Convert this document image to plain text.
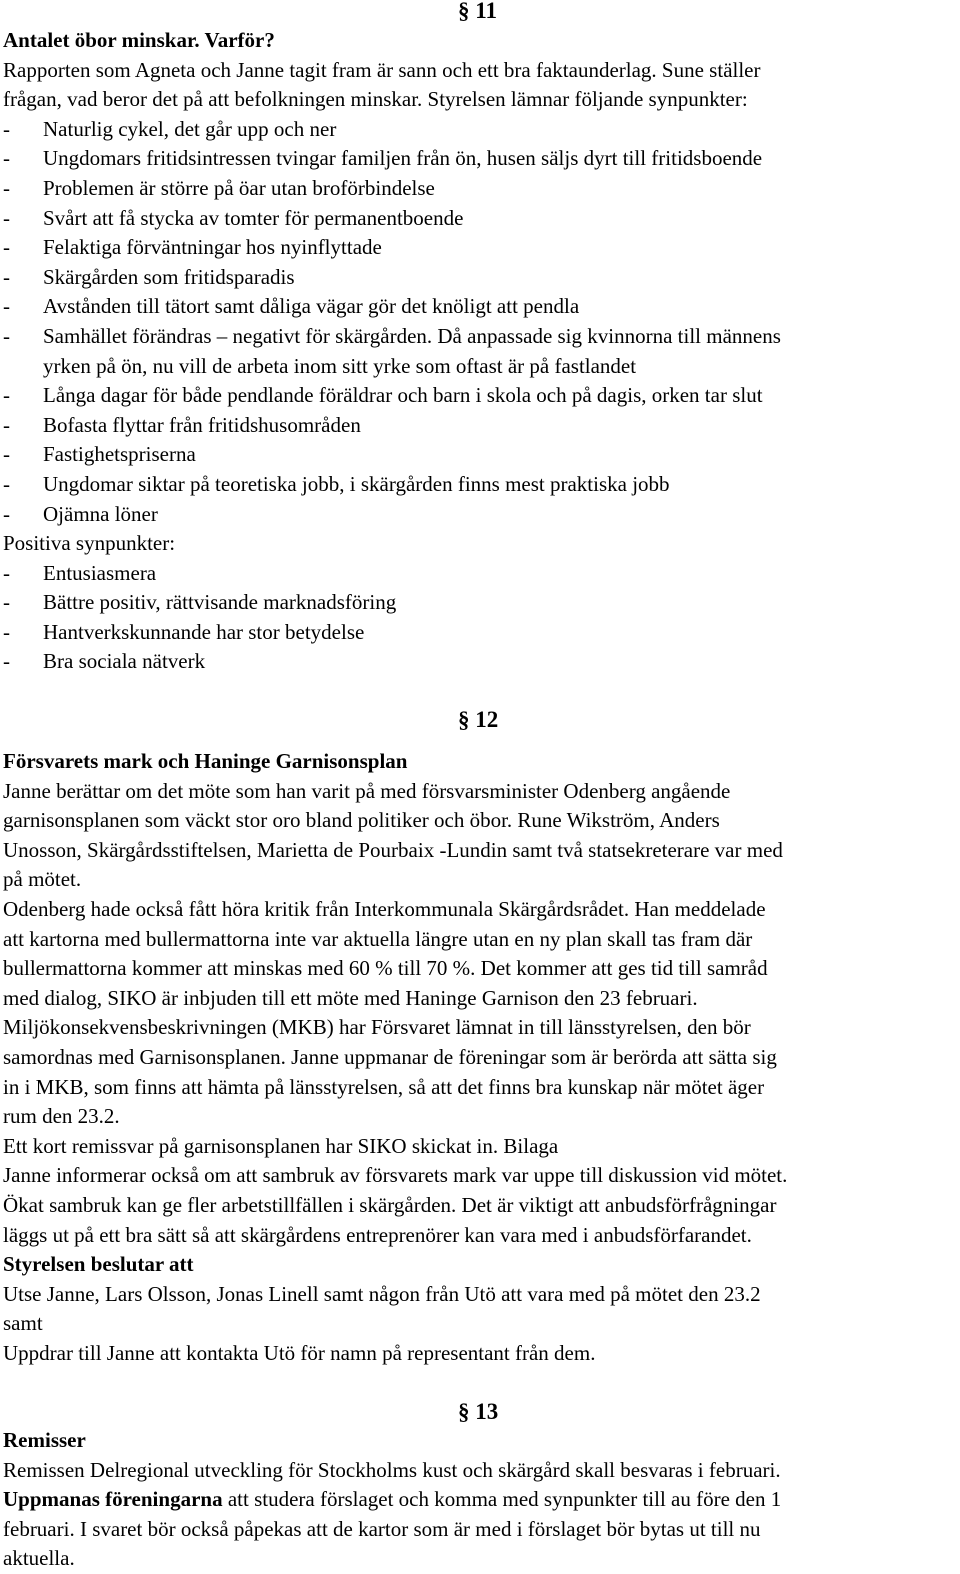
§ 11

Antalet öbor minskar. Varför?

Rapporten som Agneta och Janne tagit fram är sann och ett bra faktaunderlag. Sune ställer

frågan, vad beror det på att befolkningen minskar. Styrelsen lämnar följande synpunkter:

-	Naturlig cykel, det går upp och ner
-	Ungdomars fritidsintressen tvingar familjen från ön, husen säljs dyrt till fritidsboende
-	Problemen är större på öar utan broförbindelse
-	Svårt att få stycka av tomter för permanentboende
-	Felaktiga förväntningar hos nyinflyttade
-	Skärgården som fritidsparadis
-	Avstånden till tätort samt dåliga vägar gör det knöligt att pendla
-	Samhället förändras – negativt för skärgården. Då anpassade sig kvinnorna till männens
yrken på ön, nu vill de arbeta inom sitt yrke som oftast är på fastlandet
-	Långa dagar för både pendlande föräldrar och barn i skola och på dagis, orken tar slut
-	Bofasta flyttar från fritidshusområden
-	Fastighetspriserna
-	Ungdomar siktar på teoretiska jobb, i skärgården finns mest praktiska jobb
-	Ojämna löner

Positiva synpunkter:

-	Entusiasmera
-	Bättre positiv, rättvisande marknadsföring
-	Hantverkskunnande har stor betydelse
-	Bra sociala nätverk
§ 12

Försvarets mark och Haninge Garnisonsplan

Janne berättar om det möte som han varit på med försvarsminister Odenberg angående

garnisonsplanen som väckt stor oro bland politiker och öbor. Rune Wikström, Anders

Unosson, Skärgårdsstiftelsen, Marietta de Pourbaix -Lundin samt två statsekreterare var med

på mötet.

Odenberg hade också fått höra kritik från Interkommunala Skärgårdsrådet. Han meddelade

att kartorna med bullermattorna inte var aktuella längre utan en ny plan skall tas fram där

bullermattorna kommer att minskas med 60 % till 70 %. Det kommer att ges tid till samråd

med dialog, SIKO är inbjuden till ett möte med Haninge Garnison den 23 februari.

Miljökonsekvensbeskrivningen (MKB) har Försvaret lämnat in till länsstyrelsen, den bör

samordnas med Garnisonsplanen. Janne uppmanar de föreningar som är berörda att sätta sig

in i MKB, som finns att hämta på länsstyrelsen, så att det finns bra kunskap när mötet äger

rum den 23.2.

Ett kort remissvar på garnisonsplanen har SIKO skickat in. Bilaga

Janne informerar också om att sambruk av försvarets mark var uppe till diskussion vid mötet.

Ökat sambruk kan ge fler arbetstillfällen i skärgården. Det är viktigt att anbudsförfrågningar

läggs ut på ett bra sätt så att skärgårdens entreprenörer kan vara med i anbudsförfarandet.

Styrelsen beslutar att

Utse Janne, Lars Olsson, Jonas Linell samt någon från Utö att vara med på mötet den 23.2

samt

Uppdrar till Janne att kontakta Utö för namn på representant från dem.

§ 13

Remisser

Remissen Delregional utveckling för Stockholms kust och skärgård skall besvaras i februari.

Uppmanas föreningarna att studera förslaget och komma med synpunkter till au före den 1

februari. I svaret bör också påpekas att de kartor som är med i förslaget bör bytas ut till nu

aktuella.
